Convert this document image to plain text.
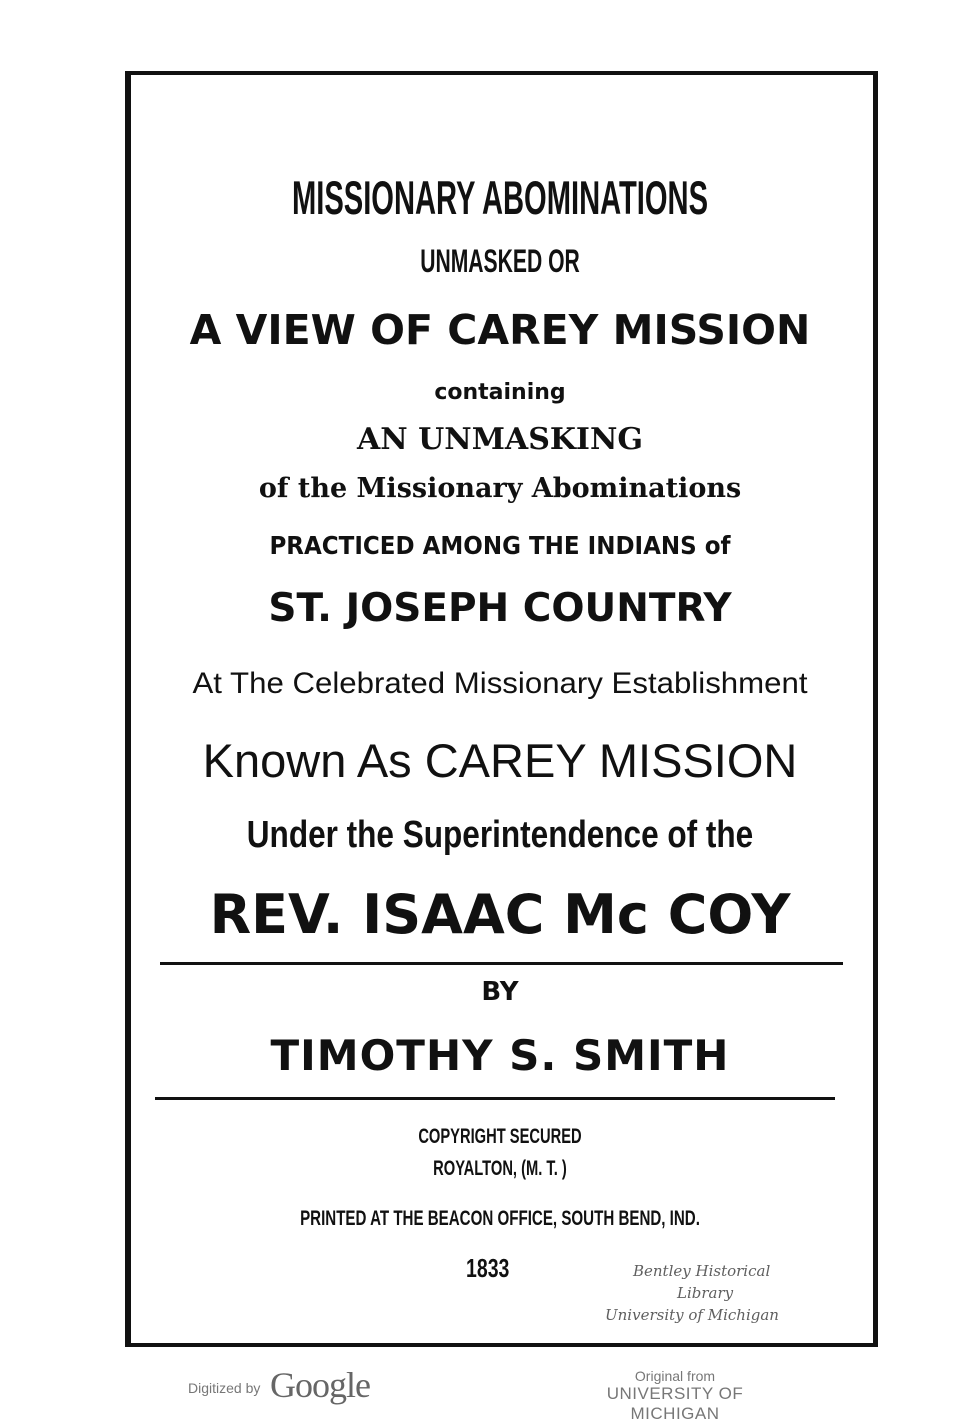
MISSIONARY ABOMINATIONS
UNMASKED OR
A VIEW OF CAREY MISSION
containing
AN UNMASKING
of the Missionary Abominations
PRACTICED AMONG THE INDIANS of
ST. JOSEPH COUNTRY
At The Celebrated Missionary Establishment
Known As CAREY MISSION
Under the Superintendence of the
REV. ISAAC Mc COY
BY
TIMOTHY S. SMITH
COPYRIGHT SECURED
ROYALTON, (M. T. )
PRINTED AT THE BEACON OFFICE, SOUTH BEND, IND.
1833	Bentley Historical
Library
University of Michigan
Digitized by Google	Original from
UNIVERSITY OF MICHIGAN
